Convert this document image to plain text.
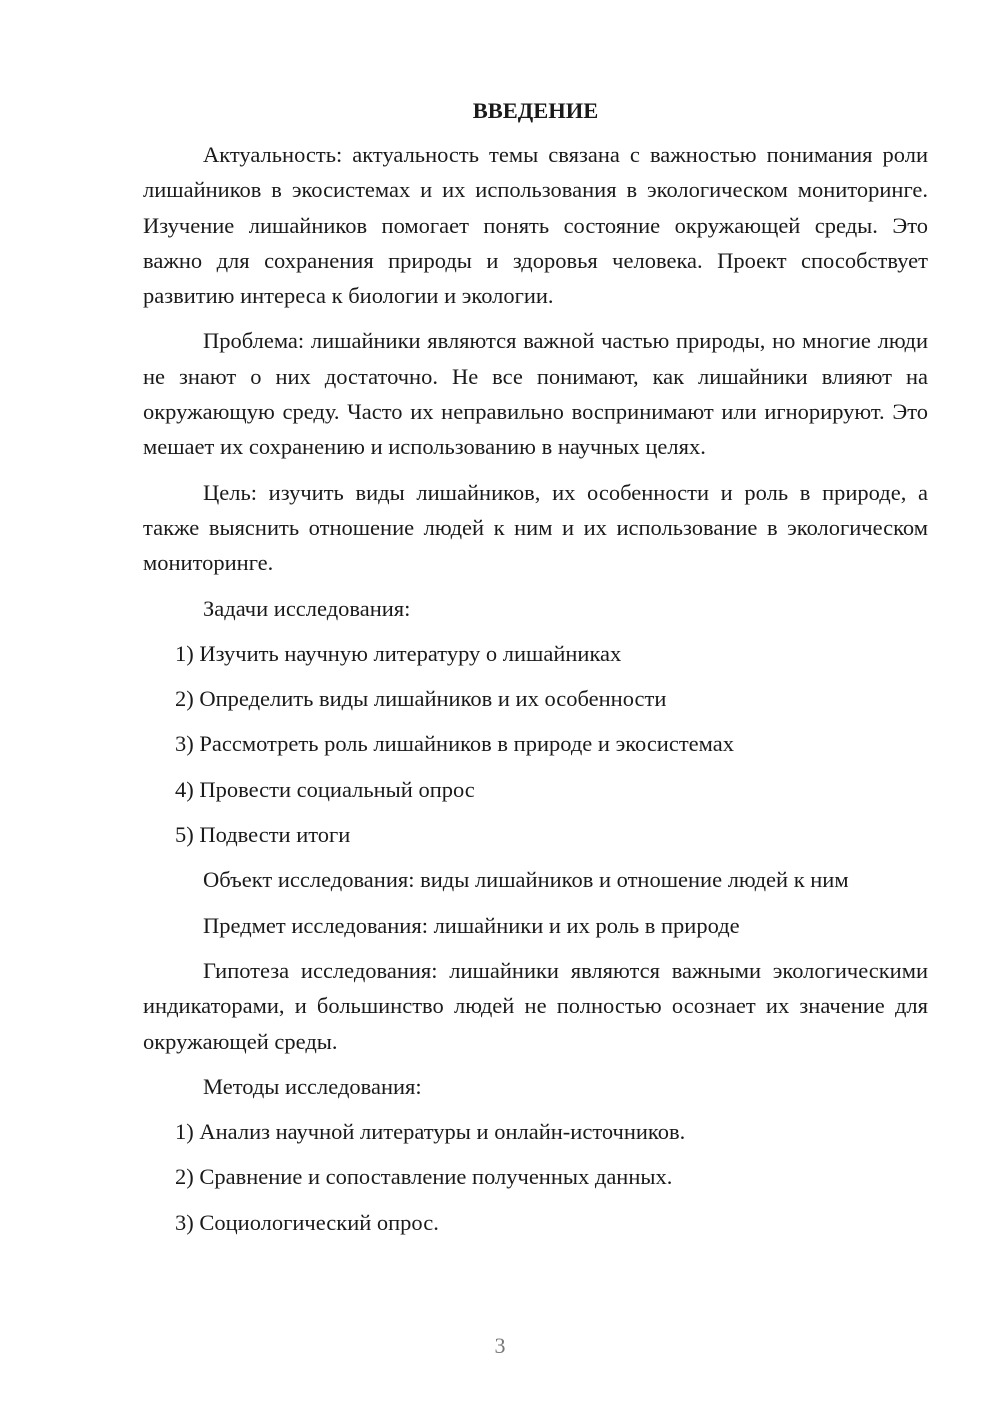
ВВЕДЕНИЕ

Актуальность: актуальность темы связана с важностью понимания роли лишайников в экосистемах и их использования в экологическом мониторинге. Изучение лишайников помогает понять состояние окружающей среды. Это важно для сохранения природы и здоровья человека. Проект способствует развитию интереса к биологии и экологии.

Проблема: лишайники являются важной частью природы, но многие люди не знают о них достаточно. Не все понимают, как лишайники влияют на окружающую среду. Часто их неправильно воспринимают или игнорируют. Это мешает их сохранению и использованию в научных целях.

Цель: изучить виды лишайников, их особенности и роль в природе, а также выяснить отношение людей к ним и их использование в экологическом мониторинге.

Задачи исследования:
1) Изучить научную литературу о лишайниках
2) Определить виды лишайников и их особенности
3) Рассмотреть роль лишайников в природе и экосистемах
4) Провести социальный опрос
5) Подвести итоги
Объект исследования: виды лишайников и отношение людей к ним
Предмет исследования: лишайники и их роль в природе

Гипотеза исследования: лишайники являются важными экологическими индикаторами, и большинство людей не полностью осознает их значение для окружающей среды.

Методы исследования:
1) Анализ научной литературы и онлайн-источников.
2) Сравнение и сопоставление полученных данных.
3) Социологический опрос.
3
